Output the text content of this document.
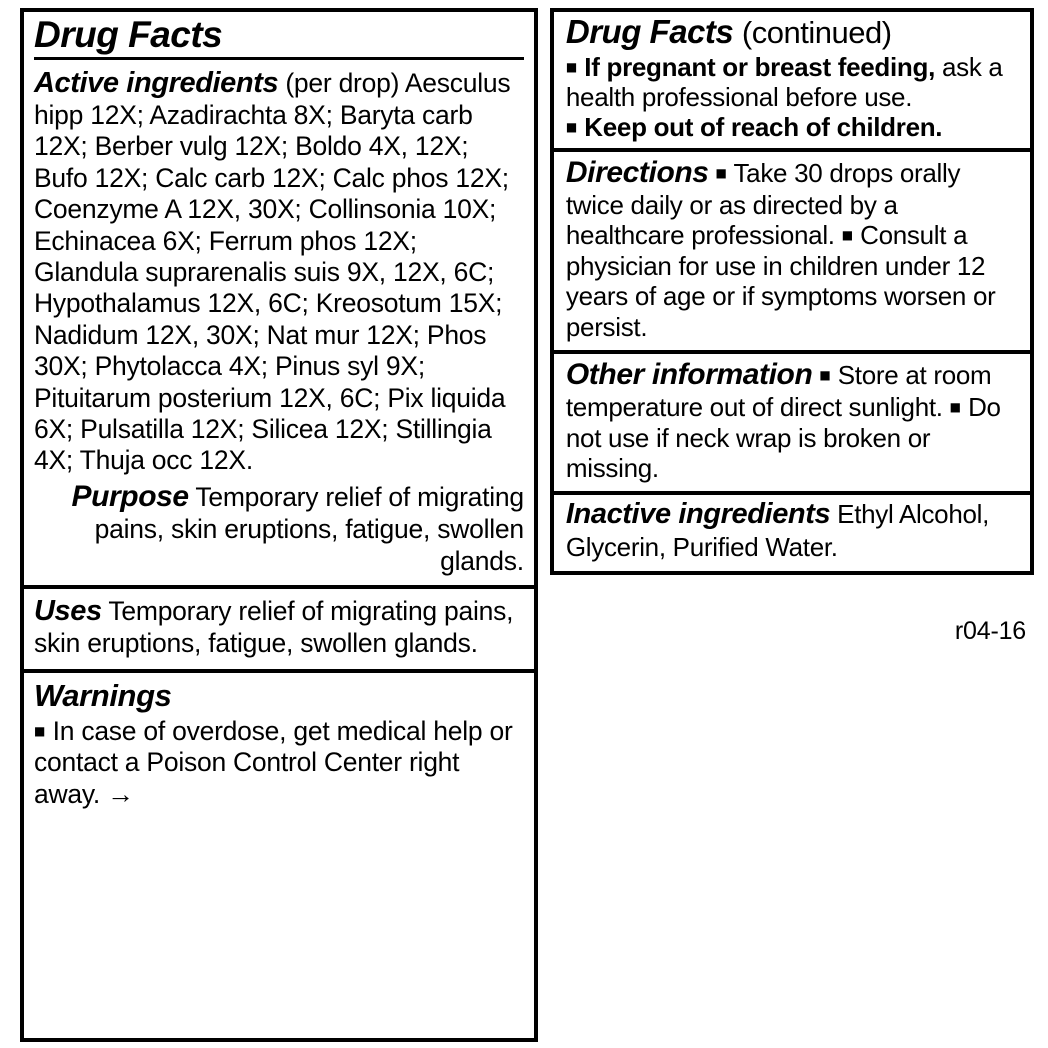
Drug Facts

Active ingredients (per drop) Aesculus hipp 12X; Azadirachta 8X; Baryta carb 12X; Berber vulg 12X; Boldo 4X, 12X; Bufo 12X; Calc carb 12X; Calc phos 12X; Coenzyme A 12X, 30X; Collinsonia 10X; Echinacea 6X; Ferrum phos 12X; Glandula suprarenalis suis 9X, 12X, 6C; Hypothalamus 12X, 6C; Kreosotum 15X; Nadidum 12X, 30X; Nat mur 12X; Phos 30X; Phytolacca 4X; Pinus syl 9X; Pituitarum posterium 12X, 6C; Pix liquida 6X; Pulsatilla 12X; Silicea 12X; Stillingia 4X; Thuja occ 12X.

Purpose Temporary relief of migrating pains, skin eruptions, fatigue, swollen glands.

Uses Temporary relief of migrating pains, skin eruptions, fatigue, swollen glands.

Warnings

■ In case of overdose, get medical help or contact a Poison Control Center right away. →

Drug Facts (continued)

■ If pregnant or breast feeding, ask a health professional before use.

■ Keep out of reach of children.

Directions ■ Take 30 drops orally twice daily or as directed by a healthcare professional. ■ Consult a physician for use in children under 12 years of age or if symptoms worsen or persist.

Other information ■ Store at room temperature out of direct sunlight. ■ Do not use if neck wrap is broken or missing.

Inactive ingredients Ethyl Alcohol, Glycerin, Purified Water.

r04-16
